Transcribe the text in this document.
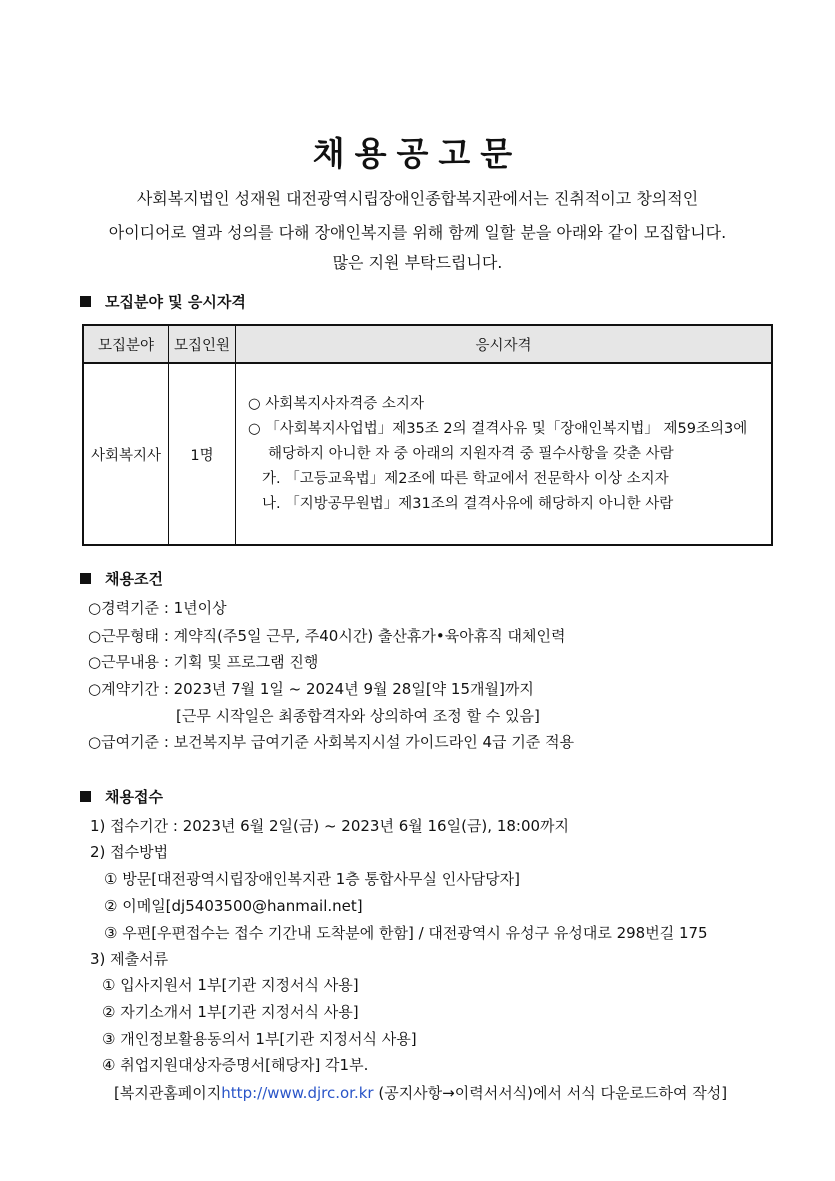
채용공고문
사회복지법인 성재원 대전광역시립장애인종합복지관에서는 진취적이고 창의적인
아이디어로 열과 성의를 다해 장애인복지를 위해 함께 일할 분을 아래와 같이 모집합니다.
많은 지원 부탁드립니다.
모집분야 및 응시자격
모집분야	모집인원	응시자격
사회복지사	1명	○ 사회복지사자격증 소지자
○ 「사회복지사업법」제35조 2의 결격사유 및「장애인복지법」 제59조의3에
해당하지 아니한 자 중 아래의 지원자격 중 필수사항을 갖춘 사람
가. 「고등교육법」제2조에 따른 학교에서 전문학사 이상 소지자
나. 「지방공무원법」제31조의 결격사유에 해당하지 아니한 사람
채용조건
○경력기준 : 1년이상
○근무형태 : 계약직(주5일 근무, 주40시간) 출산휴가•육아휴직 대체인력
○근무내용 : 기획 및 프로그램 진행
○계약기간 : 2023년 7월 1일 ~ 2024년 9월 28일[약 15개월]까지
[근무 시작일은 최종합격자와 상의하여 조정 할 수 있음]
○급여기준 : 보건복지부 급여기준 사회복지시설 가이드라인 4급 기준 적용
채용접수
1) 접수기간 : 2023년 6월 2일(금) ~ 2023년 6월 16일(금), 18:00까지
2) 접수방법
① 방문[대전광역시립장애인복지관 1층 통합사무실 인사담당자]
② 이메일[dj5403500@hanmail.net]
③ 우편[우편접수는 접수 기간내 도착분에 한함] / 대전광역시 유성구 유성대로 298번길 175
3) 제출서류
① 입사지원서 1부[기관 지정서식 사용]
② 자기소개서 1부[기관 지정서식 사용]
③ 개인정보활용동의서 1부[기관 지정서식 사용]
④ 취업지원대상자증명서[해당자] 각1부.
[복지관홈페이지http://www.djrc.or.kr (공지사항→이력서서식)에서 서식 다운로드하여 작성]
